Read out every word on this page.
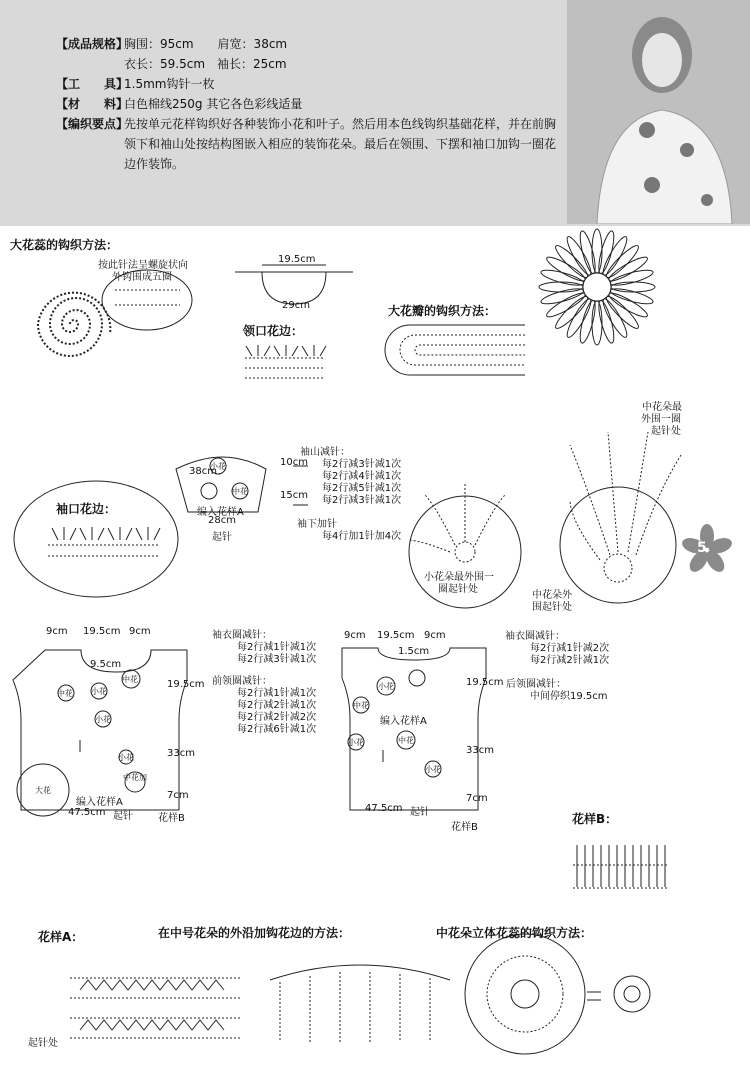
【成品规格】
胸围：95cm　　肩宽：38cm
衣长：59.5cm　袖长：25cm
【工　　具】
1.5mm钩针一枚
【材　　料】
白色棉线250g 其它各色彩线适量
【编织要点】
先按单元花样钩织好各种装饰小花和叶子。然后用本色线钩织基础花样，并在前胸领下和袖山处按结构图嵌入相应的装饰花朵。最后在领围、下摆和袖口加钩一圈花边作装饰。
5
大花蕊的钩织方法：
按此针法呈螺旋状向
外钩围成五圈
19.5cm
29cm
领口花边：
大花瓣的钩织方法：
中花朵最
外围一圈
起针处
袖口花边：
小花朵最外围一
圈起针处
中花朵外
围起针处
袖山减针：
每2行减3针减1次
每2行减4针减1次
每2行减5针减1次
每2行减3针减1次
10cm
15cm
38cm
28cm
起针
编入花样A
袖下加针
每4行加1针加4次
9cm 19.5cm 9cm
9.5cm
19.5cm
33cm
7cm
47.5cm 起针
编入花样A
花样B
袖衣圈减针：
每2行减1针减1次
每2行减3针减1次
前领圈减针：
每2行减1针减1次
每2行减2针减1次
每2行减2针减2次
每2行减6针减1次
9cm 19.5cm 9cm
1.5cm
19.5cm
33cm
7cm
47.5cm 起针
编入花样A
花样B
袖衣圈减针：
每2行减1针减2次
每2行减2针减1次
后领圈减针：
中间停织19.5cm
中花 小花
中花
小花
小花
中花加
大花
小花
中花
中花
小花
小花
小花
中花
花样B：
花样A：	在中号花朵的外沿加钩花边的方法：	中花朵立体花蕊的钩织方法：
起针处
